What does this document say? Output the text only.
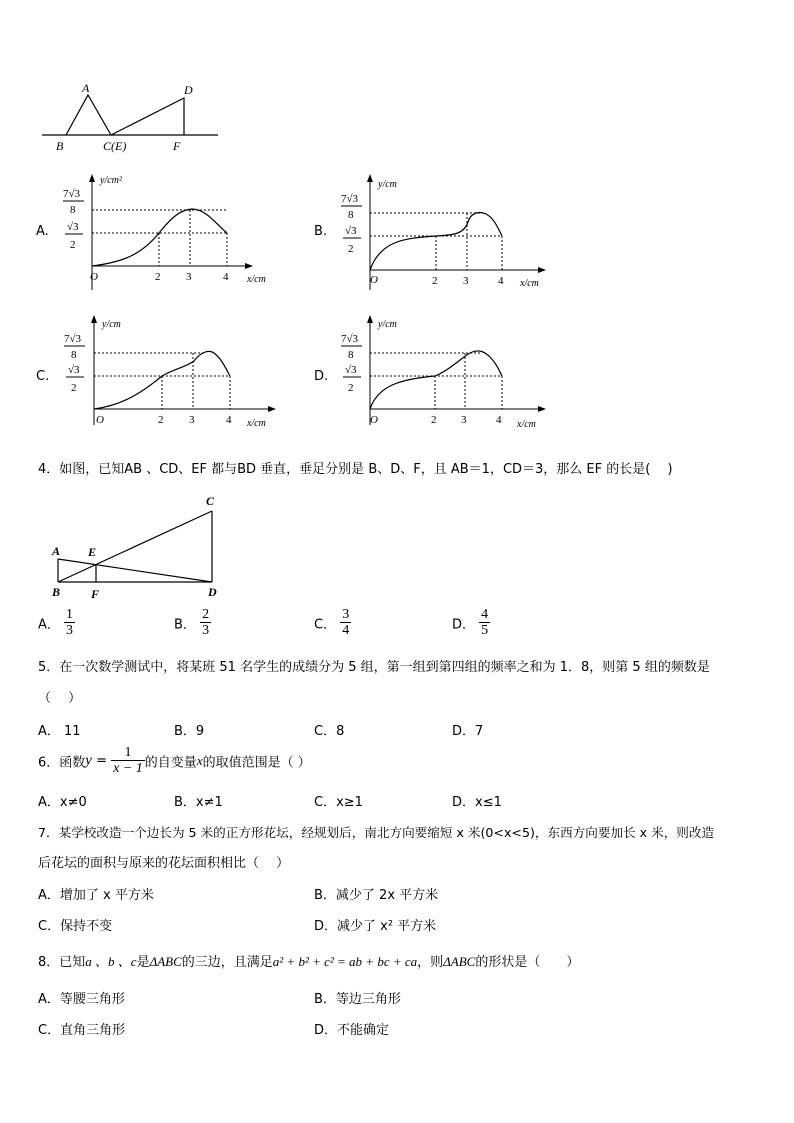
A
B	C(E)
D
F
A.
7√3
8
√3
2
y/cm²
O	2 3	4 x/cm
B.
7√3
8
√3
2
y/cm
O	2 3	4 x/cm
C.
7√3
8
√3
2
y/cm
O	2 3	4 x/cm
D.
7√3
8
√3
2
y/cm
O	2 3	4 x/cm
4．如图，已知AB 、CD、EF 都与BD 垂直，垂足分别是 B、D、F，且 AB＝1，CD＝3，那么 EF 的长是(　 )
A
B
C
D
E
F
A． $\frac{1}{3}$	B． $\frac{2}{3}$	C． $\frac{3}{4}$	D． $\frac{4}{5}$
5．在一次数学测试中，将某班 51 名学生的成绩分为 5 组，第一组到第四组的频率之和为 1．8，则第 5 组的频数是
（　 ）
A． 11	B．9	C．8	D．7
6．函数$y = \frac{1}{x - 1}$ 的自变量x的取值范围是（ ）
A．x≠0	B．x≠1	C．x≥1	D．x≤1
7．某学校改造一个边长为 5 米的正方形花坛，经规划后，南北方向要缩短 x 米(0<x<5)，东西方向要加长 x 米，则改造
后花坛的面积与原来的花坛面积相比（　 ）
A．增加了 x 平方米	B．减少了 2x 平方米
C．保持不变	D．减少了 x² 平方米
8．已知a 、b 、c是ΔABC的三边，且满足a² + b² + c² = ab + bc + ca，则ΔABC的形状是（　　）
A．等腰三角形	B．等边三角形
C．直角三角形	D．不能确定
